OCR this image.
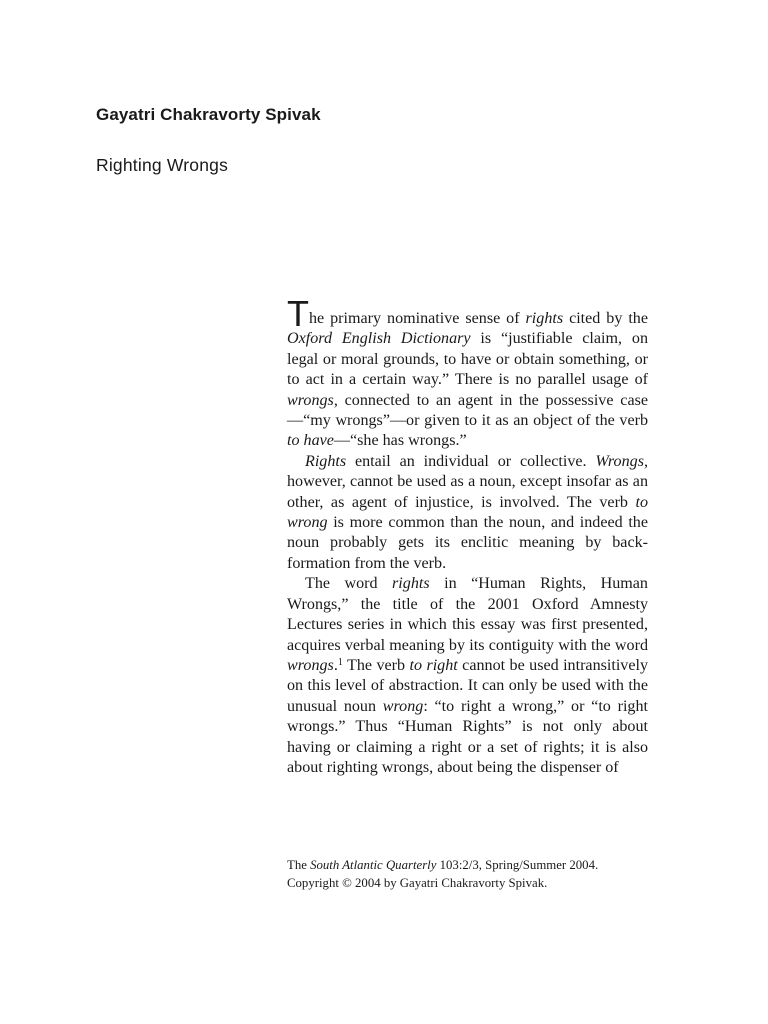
Gayatri Chakravorty Spivak
Righting Wrongs

The primary nominative sense of rights cited by the Oxford English Dictionary is “justifiable claim, on legal or moral grounds, to have or obtain something, or to act in a certain way.” There is no parallel usage of wrongs, connected to an agent in the possessive case—“my wrongs”—or given to it as an object of the verb to have—“she has wrongs.”

Rights entail an individual or collective. Wrongs, however, cannot be used as a noun, except insofar as an other, as agent of injustice, is involved. The verb to wrong is more common than the noun, and indeed the noun probably gets its enclitic meaning by back-formation from the verb.

The word rights in “Human Rights, Human Wrongs,” the title of the 2001 Oxford Amnesty Lectures series in which this essay was first presented, acquires verbal meaning by its contiguity with the word wrongs.$^1$ The verb to right cannot be used intransitively on this level of abstraction. It can only be used with the unusual noun wrong: “to right a wrong,” or “to right wrongs.” Thus “Human Rights” is not only about having or claiming a right or a set of rights; it is also about righting wrongs, about being the dispenser of

The South Atlantic Quarterly 103:2/3, Spring/Summer 2004.
Copyright © 2004 by Gayatri Chakravorty Spivak.
